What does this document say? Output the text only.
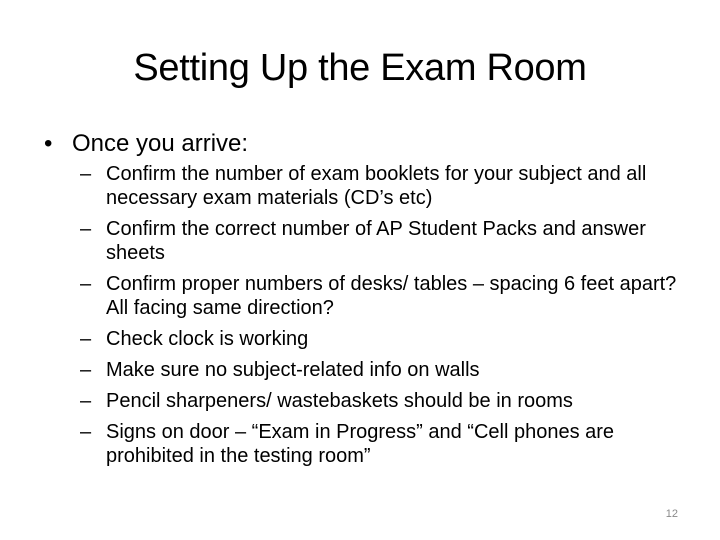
Setting Up the Exam Room
• Once you arrive:
– Confirm the number of exam booklets for your subject and all necessary exam materials (CD’s etc)
– Confirm the correct number of AP Student Packs and answer sheets
– Confirm proper numbers of desks/ tables – spacing 6 feet apart? All facing same direction?
– Check clock is working
– Make sure no subject-related info on walls
– Pencil sharpeners/ wastebaskets should be in rooms
– Signs on door – “Exam in Progress” and “Cell phones are prohibited in the testing room”
12
